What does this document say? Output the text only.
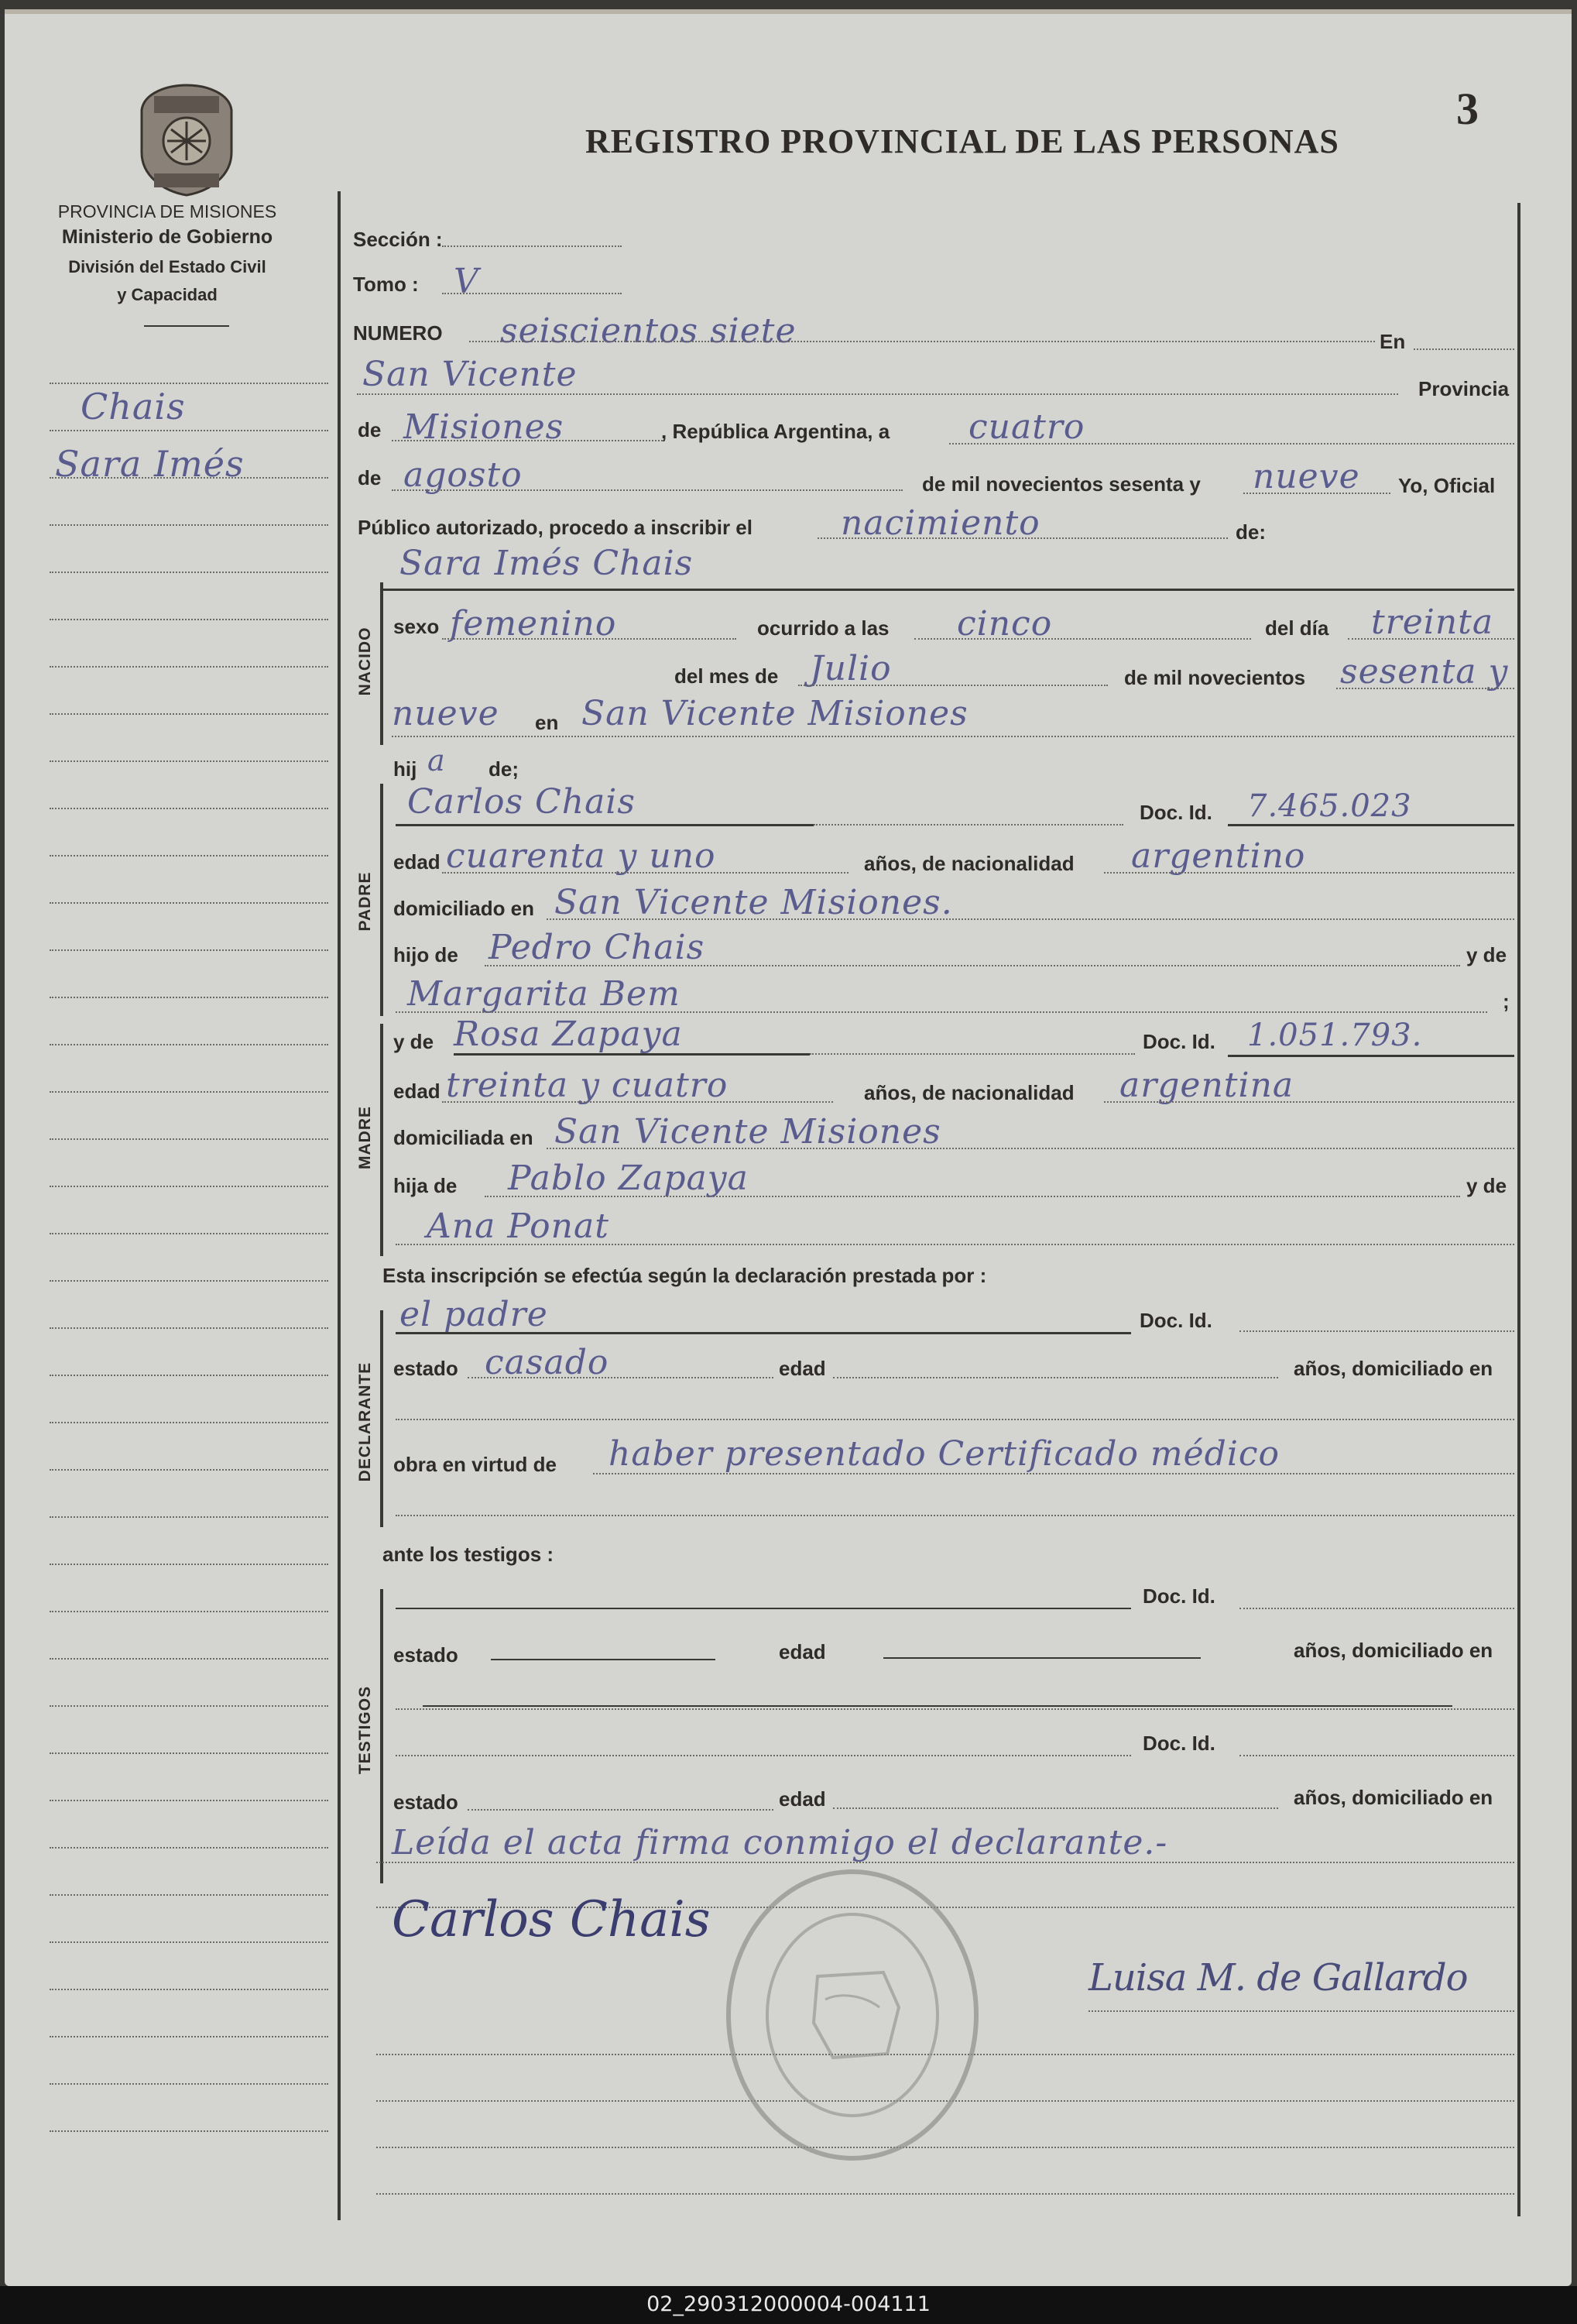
3
REGISTRO PROVINCIAL DE LAS PERSONAS
PROVINCIA DE MISIONES
Ministerio de Gobierno
División del Estado Civil
y Capacidad
Chais
Sara Imés
Sección :
Tomo : V
NUMERO seiscientos siete	En
San Vicente	Provincia
de Misiones	, República Argentina, a cuatro
de agosto	de mil novecientos sesenta y nueve Yo, Oficial
Público autorizado, procedo a inscribir el	nacimiento	de:
NACIDO
Sara Imés Chais
sexo femenino	ocurrido a las cinco	del día treinta
del mes de Julio	de mil novecientos sesenta y
nueve en San Vicente Misiones
hij a de;
PADRE
Carlos Chais	Doc. Id. 7.465.023
edad cuarenta y uno	años, de nacionalidad argentino
domiciliado en San Vicente Misiones.
hijo de Pedro Chais	y de
Margarita Bem	;
MADRE
y de Rosa Zapaya	Doc. Id. 1.051.793.
edad treinta y cuatro	años, de nacionalidad argentina
domiciliada en San Vicente Misiones
hija de Pablo Zapaya	y de
Ana Ponat
Esta inscripción se efectúa según la declaración prestada por :
DECLARANTE
el padre	Doc. Id.
estado casado	edad	años, domiciliado en
obra en virtud de haber presentado Certificado médico
ante los testigos :
TESTIGOS
Doc. Id.
estado	edad	años, domiciliado en
Doc. Id.
estado	edad	años, domiciliado en
Leída el acta firma conmigo el declarante.-
Carlos Chais
Luisa M. de Gallardo
02_290312000004-004111
